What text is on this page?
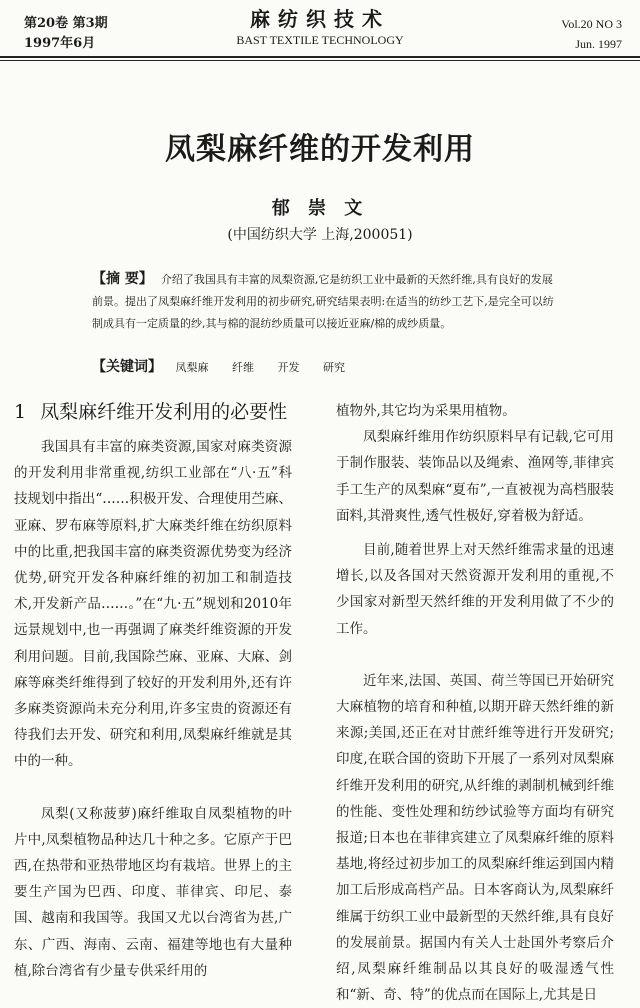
第20卷 第3期
1997年6月
麻纺织技术
BAST TEXTILE TECHNOLOGY
Vol.20 NO 3
Jun. 1997
凤梨麻纤维的开发利用
郁 崇 文
(中国纺织大学 上海,200051)
【摘 要】 介绍了我国具有丰富的凤梨资源,它是纺织工业中最新的天然纤维,具有良好的发展前景。提出了凤梨麻纤维开发利用的初步研究,研究结果表明:在适当的纺纱工艺下,是完全可以纺制成具有一定质量的纱,其与棉的混纺纱质量可以接近亚麻/棉的成纱质量。
【关键词】 凤梨麻 纤维 开发 研究
1 凤梨麻纤维开发利用的必要性

我国具有丰富的麻类资源,国家对麻类资源的开发利用非常重视,纺织工业部在“八·五”科技规划中指出“……积极开发、合理使用苎麻、亚麻、罗布麻等原料,扩大麻类纤维在纺织原料中的比重,把我国丰富的麻类资源优势变为经济优势,研究开发各种麻纤维的初加工和制造技术,开发新产品……。”在“九·五”规划和2010年远景规划中,也一再强调了麻类纤维资源的开发利用问题。目前,我国除苎麻、亚麻、大麻、剑麻等麻类纤维得到了较好的开发利用外,还有许多麻类资源尚未充分利用,许多宝贵的资源还有待我们去开发、研究和利用,凤梨麻纤维就是其中的一种。

凤梨(又称菠萝)麻纤维取自凤梨植物的叶片中,凤梨植物品种达几十种之多。它原产于巴西,在热带和亚热带地区均有栽培。世界上的主要生产国为巴西、印度、菲律宾、印尼、泰国、越南和我国等。我国又尤以台湾省为甚,广东、广西、海南、云南、福建等地也有大量种植,除台湾省有少量专供采纤用的

植物外,其它均为采果用植物。

凤梨麻纤维用作纺织原料早有记载,它可用于制作服装、装饰品以及绳索、渔网等,菲律宾手工生产的凤梨麻“夏布”,一直被视为高档服装面料,其滑爽性,透气性极好,穿着极为舒适。

目前,随着世界上对天然纤维需求量的迅速增长,以及各国对天然资源开发利用的重视,不少国家对新型天然纤维的开发利用做了不少的工作。

近年来,法国、英国、荷兰等国已开始研究大麻植物的培育和种植,以期开辟天然纤维的新来源;美国,还正在对甘蔗纤维等进行开发研究;印度,在联合国的资助下开展了一系列对凤梨麻纤维开发利用的研究,从纤维的剥制机械到纤维的性能、变性处理和纺纱试验等方面均有研究报道;日本也在菲律宾建立了凤梨麻纤维的原料基地,将经过初步加工的凤梨麻纤维运到国内精加工后形成高档产品。日本客商认为,凤梨麻纤维属于纺织工业中最新型的天然纤维,具有良好的发展前景。据国内有关人士赴国外考察后介绍,凤梨麻纤维制品以其良好的吸湿透气性和“新、奇、特”的优点而在国际上,尤其是日
